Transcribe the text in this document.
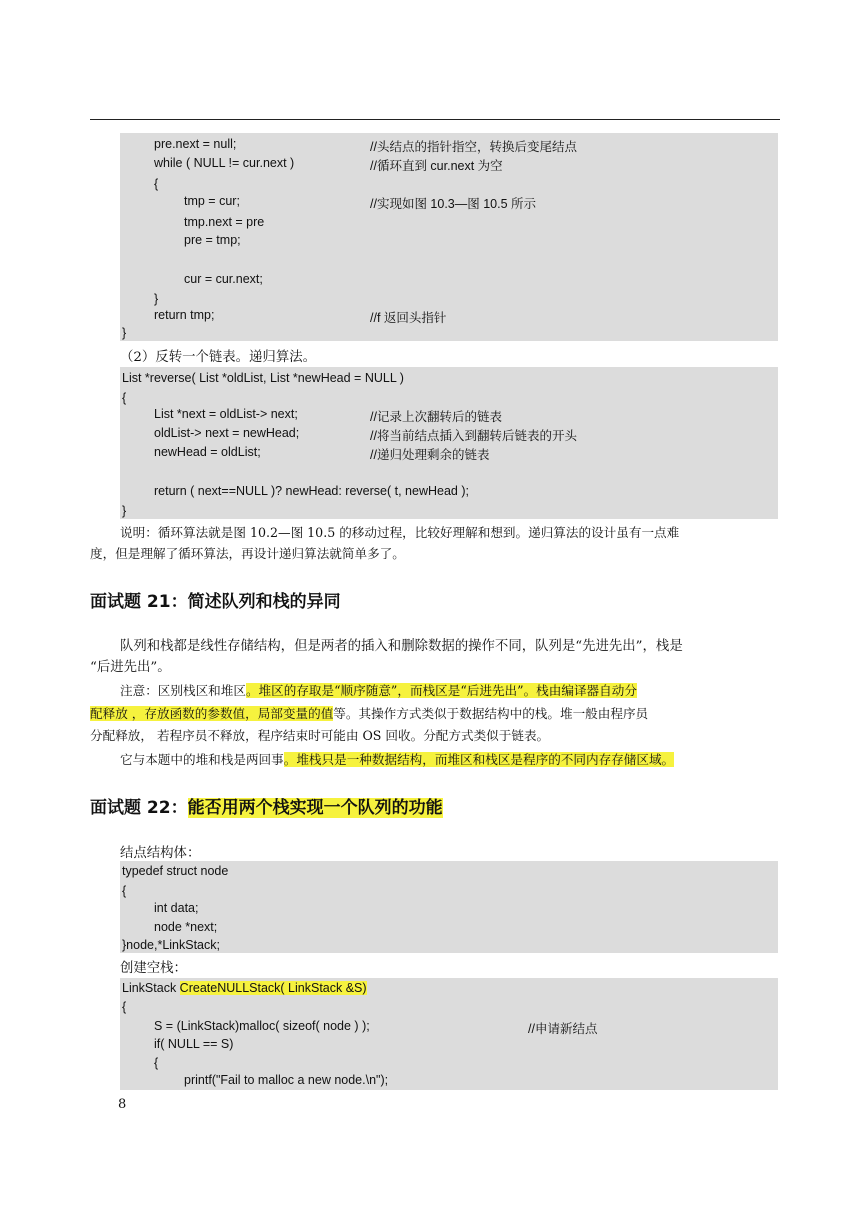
pre.next = null;	//头结点的指针指空，转换后变尾结点
while ( NULL != cur.next )	//循环直到 cur.next 为空
{
tmp = cur;	//实现如图 10.3—图 10.5 所示
tmp.next = pre
pre = tmp;
cur = cur.next;
}
return tmp;	//f 返回头指针
}
（2）反转一个链表。递归算法。
List *reverse( List *oldList, List *newHead = NULL )
{
List *next = oldList-> next;	//记录上次翻转后的链表
oldList-> next = newHead;	//将当前结点插入到翻转后链表的开头
newHead = oldList;	//递归处理剩余的链表
return ( next==NULL )? newHead: reverse( t, newHead );
}
说明：循环算法就是图 10.2—图 10.5 的移动过程，比较好理解和想到。递归算法的设计虽有一点难
度，但是理解了循环算法，再设计递归算法就简单多了。
面试题 21：简述队列和栈的异同
队列和栈都是线性存储结构，但是两者的插入和删除数据的操作不同，队列是“先进先出”，栈是
“后进先出”。
注意：区别栈区和堆区。堆区的存取是“顺序随意”，而栈区是“后进先出”。栈由编译器自动分
配释放 ，存放函数的参数值，局部变量的值等。其操作方式类似于数据结构中的栈。堆一般由程序员
分配释放， 若程序员不释放，程序结束时可能由 OS 回收。分配方式类似于链表。
它与本题中的堆和栈是两回事。堆栈只是一种数据结构，而堆区和栈区是程序的不同内存存储区域。
面试题 22：能否用两个栈实现一个队列的功能
结点结构体：
typedef struct node
{
int data;
node *next;
}node,*LinkStack;
创建空栈：
LinkStack CreateNULLStack( LinkStack &S)
{
S = (LinkStack)malloc( sizeof( node ) );	//申请新结点
if( NULL == S)
{
printf("Fail to malloc a new node.\n");
8
